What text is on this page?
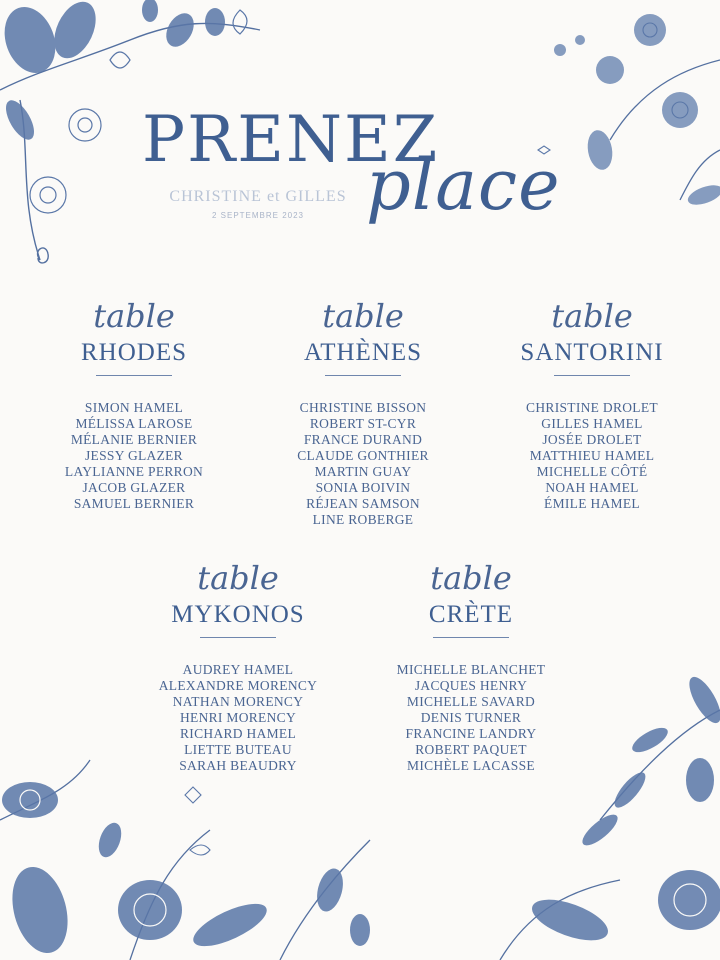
PRENEZ
place
CHRISTINE et GILLES
2 SEPTEMBRE 2023
table
RHODES
SIMON HAMEL
MÉLISSA LAROSE
MÉLANIE BERNIER
JESSY GLAZER
LAYLIANNE PERRON
JACOB GLAZER
SAMUEL BERNIER
table
ATHÈNES
CHRISTINE BISSON
ROBERT ST-CYR
FRANCE DURAND
CLAUDE GONTHIER
MARTIN GUAY
SONIA BOIVIN
RÉJEAN SAMSON
LINE ROBERGE
table
SANTORINI
CHRISTINE DROLET
GILLES HAMEL
JOSÉE DROLET
MATTHIEU HAMEL
MICHELLE CÔTÉ
NOAH HAMEL
ÉMILE HAMEL
table
MYKONOS
AUDREY HAMEL
ALEXANDRE MORENCY
NATHAN MORENCY
HENRI MORENCY
RICHARD HAMEL
LIETTE BUTEAU
SARAH BEAUDRY
table
CRÈTE
MICHELLE BLANCHET
JACQUES HENRY
MICHELLE SAVARD
DENIS TURNER
FRANCINE LANDRY
ROBERT PAQUET
MICHÈLE LACASSE
